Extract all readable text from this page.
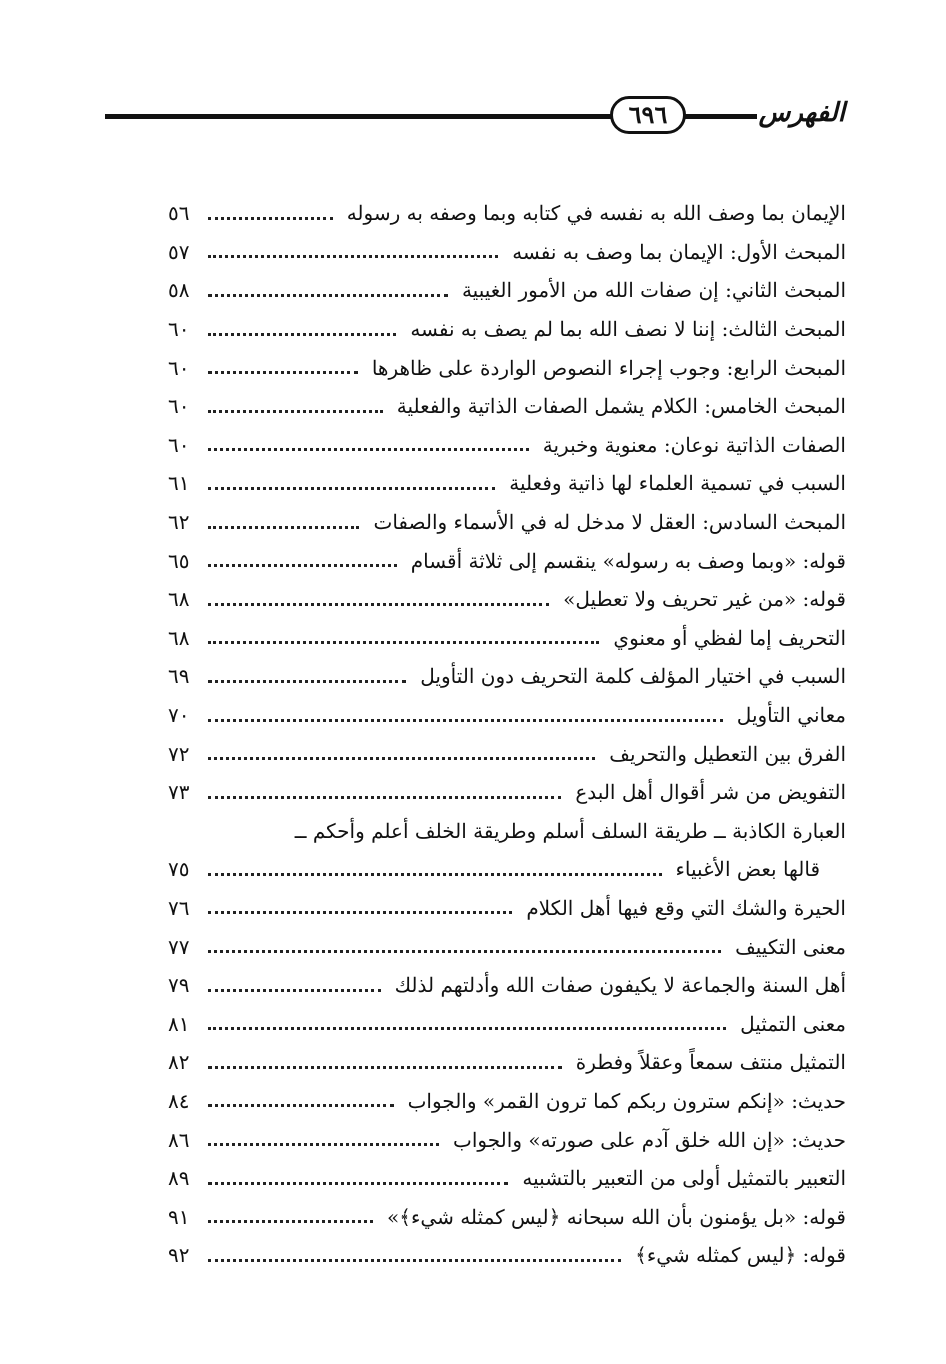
٦٩٦	الفهرس
الإيمان بما وصف الله به نفسه في كتابه وبما وصفه به رسوله
٥٦
المبحث الأول: الإيمان بما وصف به نفسه
٥٧
المبحث الثاني: إن صفات الله من الأمور الغيبية
٥٨
المبحث الثالث: إننا لا نصف الله بما لم يصف به نفسه
٦٠
المبحث الرابع: وجوب إجراء النصوص الواردة على ظاهرها
٦٠
المبحث الخامس: الكلام يشمل الصفات الذاتية والفعلية
٦٠
الصفات الذاتية نوعان: معنوية وخبرية
٦٠
السبب في تسمية العلماء لها ذاتية وفعلية
٦١
المبحث السادس: العقل لا مدخل له في الأسماء والصفات
٦٢
قوله: «وبما وصف به رسوله» ينقسم إلى ثلاثة أقسام
٦٥
قوله: «من غير تحريف ولا تعطيل»
٦٨
التحريف إما لفظي أو معنوي
٦٨
السبب في اختيار المؤلف كلمة التحريف دون التأويل
٦٩
معاني التأويل
٧٠
الفرق بين التعطيل والتحريف
٧٢
التفويض من شر أقوال أهل البدع
٧٣
العبارة الكاذبة ــ طريقة السلف أسلم وطريقة الخلف أعلم وأحكم ــ
قالها بعض الأغبياء
٧٥
الحيرة والشك التي وقع فيها أهل الكلام
٧٦
معنى التكييف
٧٧
أهل السنة والجماعة لا يكيفون صفات الله وأدلتهم لذلك
٧٩
معنى التمثيل
٨١
التمثيل منتف سمعاً وعقلاً وفطرة
٨٢
حديث: «إنكم سترون ربكم كما ترون القمر» والجواب
٨٤
حديث: «إن الله خلق آدم على صورته» والجواب
٨٦
التعبير بالتمثيل أولى من التعبير بالتشبيه
٨٩
قوله: «بل يؤمنون بأن الله سبحانه ﴿ليس كمثله شيء﴾»
٩١
قوله: ﴿ليس كمثله شيء﴾
٩٢
